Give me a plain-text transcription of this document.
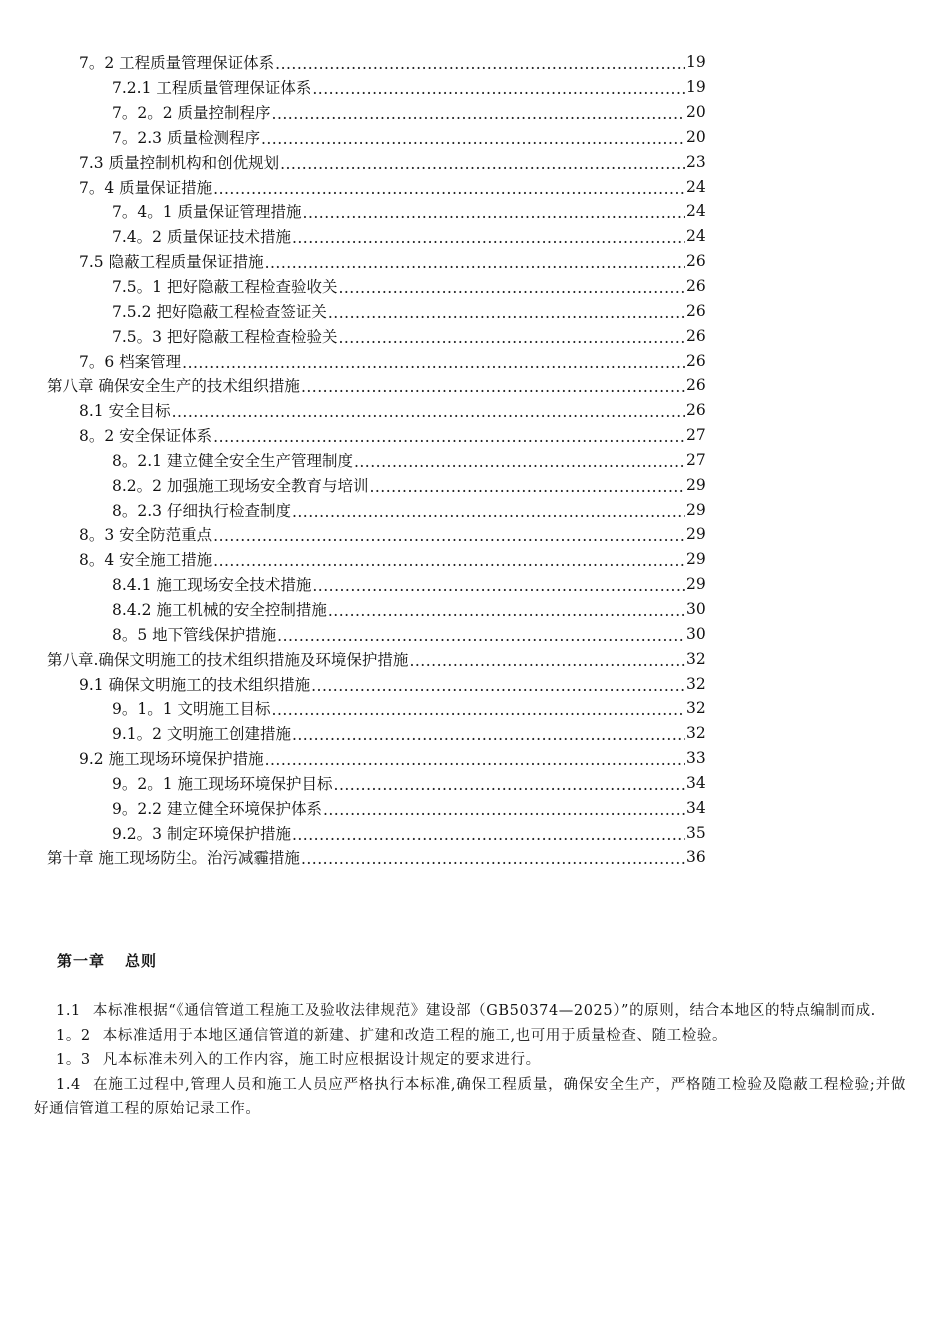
7。2 工程质量管理保证体系 .....	19
7.2.1 工程质量管理保证体系 .....	19
7。2。2 质量控制程序 .....	20
7。2.3 质量检测程序 .....	20
7.3 质量控制机构和创优规划 .....	23
7。4 质量保证措施 .....	24
7。4。1 质量保证管理措施 .....	24
7.4。2 质量保证技术措施 .....	24
7.5 隐蔽工程质量保证措施 .....	26
7.5。1 把好隐蔽工程检查验收关 .....	26
7.5.2 把好隐蔽工程检查签证关 .....	26
7.5。3 把好隐蔽工程检查检验关 .....	26
7。6 档案管理 .....	26
第八章 确保安全生产的技术组织措施 .....	26
8.1 安全目标 .....	26
8。2 安全保证体系 .....	27
8。2.1 建立健全安全生产管理制度 .....	27
8.2。2 加强施工现场安全教育与培训 .....	29
8。2.3 仔细执行检查制度 .....	29
8。3 安全防范重点 .....	29
8。4 安全施工措施 .....	29
8.4.1 施工现场安全技术措施 .....	29
8.4.2 施工机械的安全控制措施 .....	30
8。5 地下管线保护措施 .....	30
第八章.确保文明施工的技术组织措施及环境保护措施 .....	32
9.1 确保文明施工的技术组织措施 .....	32
9。1。1 文明施工目标 .....	32
9.1。2 文明施工创建措施 .....	32
9.2 施工现场环境保护措施 .....	33
9。2。1 施工现场环境保护目标 .....	34
9。2.2 建立健全环境保护体系 .....	34
9.2。3 制定环境保护措施 .....	35
第十章 施工现场防尘。治污减霾措施 .....	36
第一章 总则

1.1 本标准根据“《通信管道工程施工及验收法律规范》建设部（GB50374—2025）”的原则，结合本地区的特点编制而成.

1。2 本标准适用于本地区通信管道的新建、扩建和改造工程的施工,也可用于质量检查、随工检验。

1。3 凡本标准未列入的工作内容，施工时应根据设计规定的要求进行。

1.4 在施工过程中,管理人员和施工人员应严格执行本标准,确保工程质量，确保安全生产，严格随工检验及隐蔽工程检验;并做好通信管道工程的原始记录工作。
